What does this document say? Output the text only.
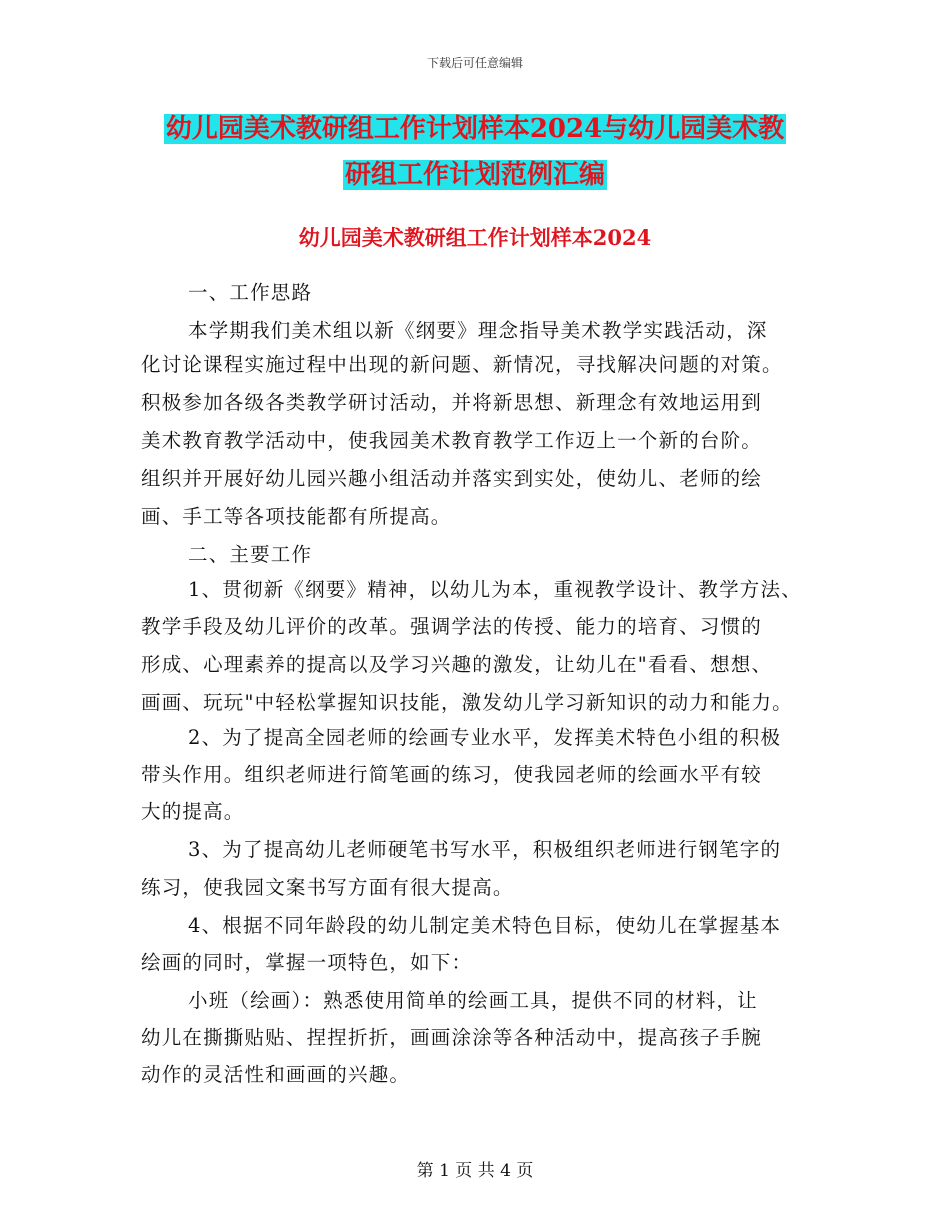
下载后可任意编辑
幼儿园美术教研组工作计划样本2024与幼儿园美术教
研组工作计划范例汇编
幼儿园美术教研组工作计划样本2024
一、工作思路
本学期我们美术组以新《纲要》理念指导美术教学实践活动，深
化讨论课程实施过程中出现的新问题、新情况，寻找解决问题的对策。
积极参加各级各类教学研讨活动，并将新思想、新理念有效地运用到
美术教育教学活动中，使我园美术教育教学工作迈上一个新的台阶。
组织并开展好幼儿园兴趣小组活动并落实到实处，使幼儿、老师的绘
画、手工等各项技能都有所提高。
二、主要工作
1、贯彻新《纲要》精神，以幼儿为本，重视教学设计、教学方法、
教学手段及幼儿评价的改革。强调学法的传授、能力的培育、习惯的
形成、心理素养的提高以及学习兴趣的激发，让幼儿在"看看、想想、
画画、玩玩"中轻松掌握知识技能，激发幼儿学习新知识的动力和能力。
2、为了提高全园老师的绘画专业水平，发挥美术特色小组的积极
带头作用。组织老师进行简笔画的练习，使我园老师的绘画水平有较
大的提高。
3、为了提高幼儿老师硬笔书写水平，积极组织老师进行钢笔字的
练习，使我园文案书写方面有很大提高。
4、根据不同年龄段的幼儿制定美术特色目标，使幼儿在掌握基本
绘画的同时，掌握一项特色，如下：
小班（绘画）：熟悉使用简单的绘画工具，提供不同的材料，让
幼儿在撕撕贴贴、捏捏折折，画画涂涂等各种活动中，提高孩子手腕
动作的灵活性和画画的兴趣。
第 1 页 共 4 页
